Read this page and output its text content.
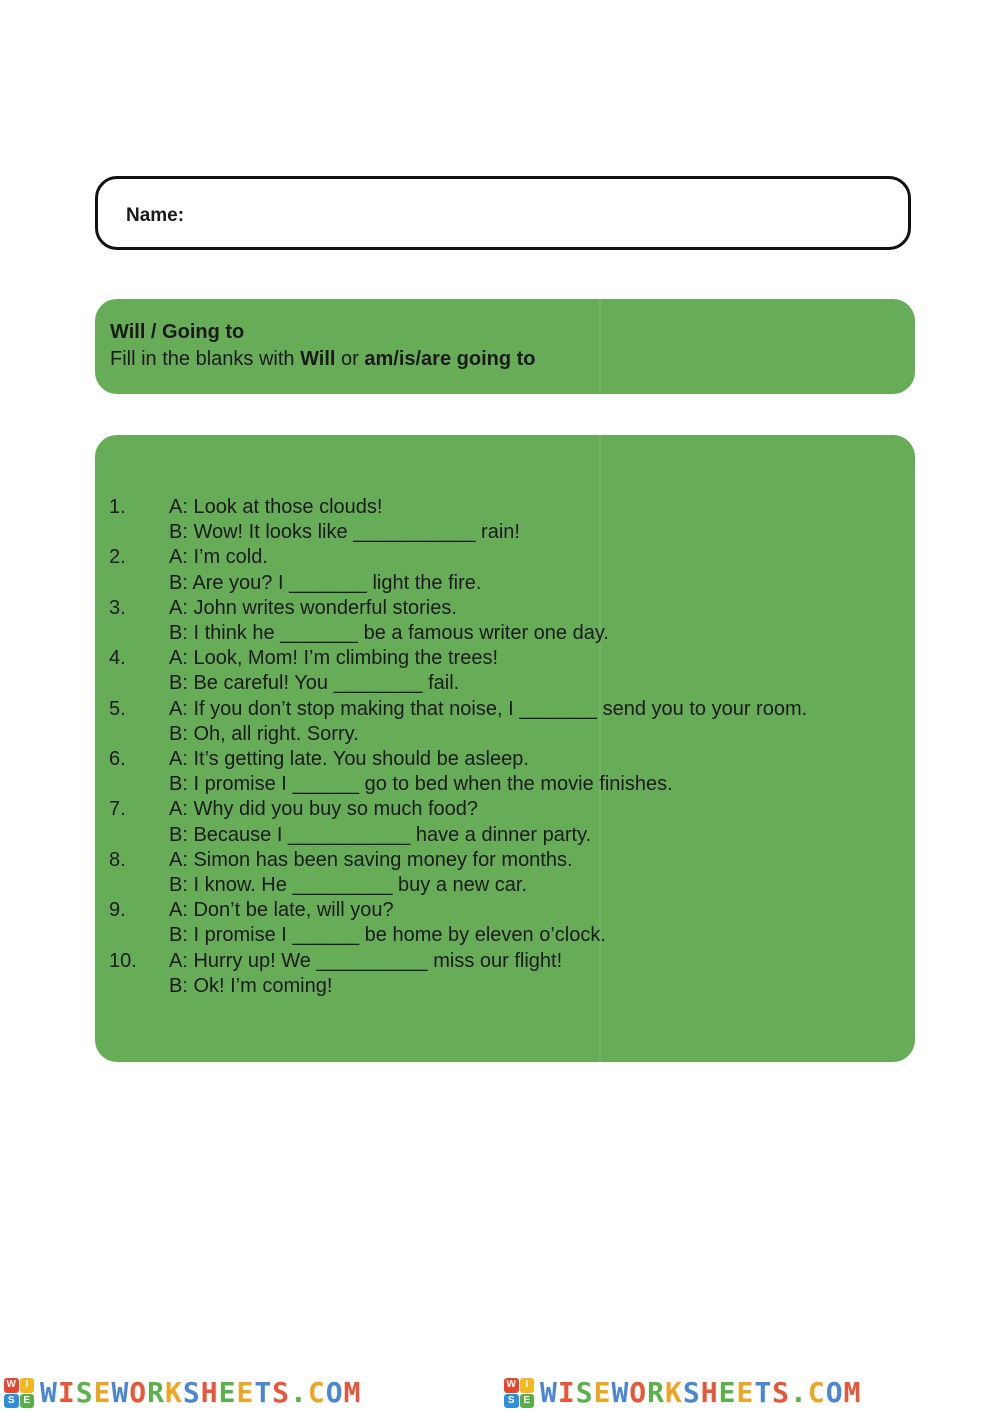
Name:
Will / Going to
Fill in the blanks with Will or am/is/are going to
1. A: Look at those clouds!
B: Wow! It looks like ___________ rain!
2. A: I’m cold.
B: Are you? I _______ light the fire.
3. A: John writes wonderful stories.
B: I think he _______ be a famous writer one day.
4. A: Look, Mom! I’m climbing the trees!
B: Be careful! You ________ fail.
5. A: If you don’t stop making that noise, I _______ send you to your room.
B: Oh, all right. Sorry.
6. A: It’s getting late. You should be asleep.
B: I promise I ______ go to bed when the movie finishes.
7. A: Why did you buy so much food?
B: Because I ___________ have a dinner party.
8. A: Simon has been saving money for months.
B: I know. He _________ buy a new car.
9. A: Don’t be late, will you?
B: I promise I ______ be home by eleven o’clock.
10. A: Hurry up! We __________ miss our flight!
B: Ok! I’m coming!
W I
S E WISEWORKSHEETS.COM	W I
S E WISEWORKSHEETS.COM
